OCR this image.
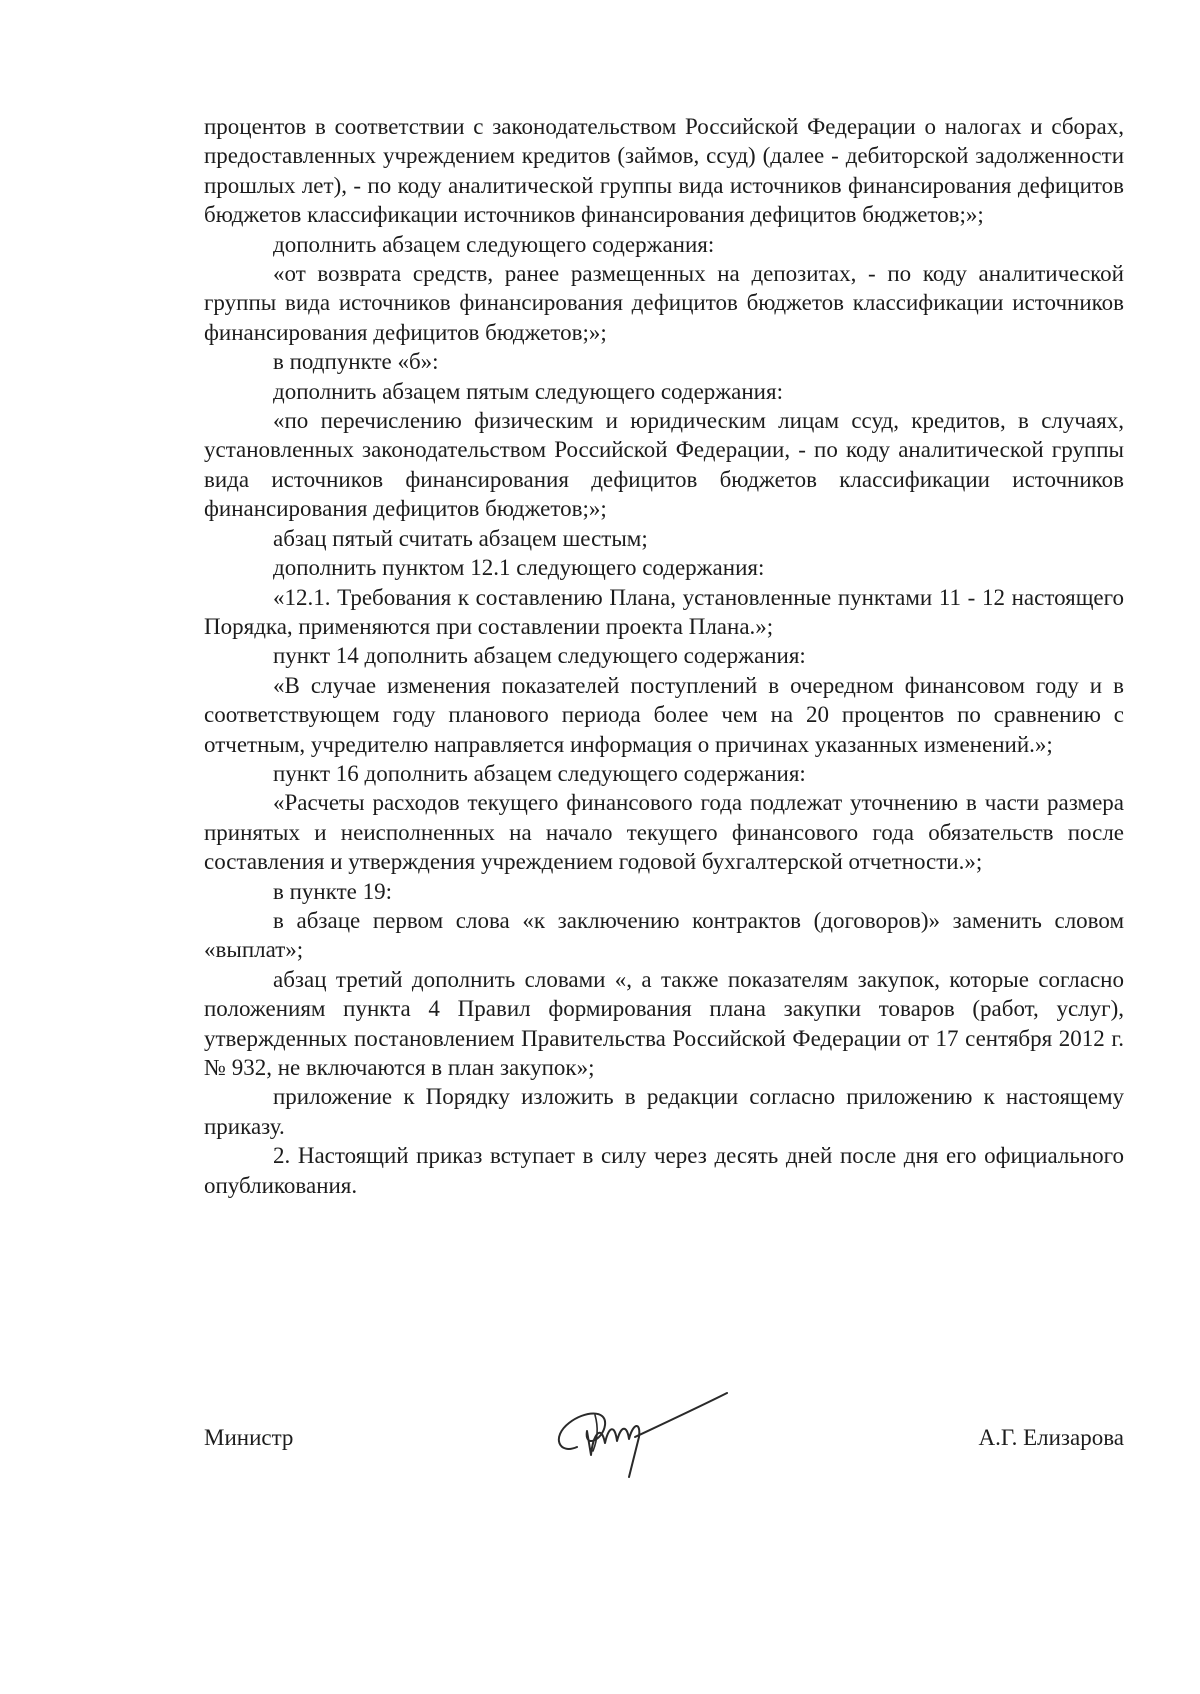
процентов в соответствии с законодательством Российской Федерации о налогах и сборах, предоставленных учреждением кредитов (займов, ссуд) (далее - дебиторской задолженности прошлых лет), - по коду аналитической группы вида источников финансирования дефицитов бюджетов классификации источников финансирования дефицитов бюджетов;»;

дополнить абзацем следующего содержания:

«от возврата средств, ранее размещенных на депозитах, - по коду аналитической группы вида источников финансирования дефицитов бюджетов классификации источников финансирования дефицитов бюджетов;»;

в подпункте «б»:

дополнить абзацем пятым следующего содержания:

«по перечислению физическим и юридическим лицам ссуд, кредитов, в случаях, установленных законодательством Российской Федерации, - по коду аналитической группы вида источников финансирования дефицитов бюджетов классификации источников финансирования дефицитов бюджетов;»;

абзац пятый считать абзацем шестым;

дополнить пунктом 12.1 следующего содержания:

«12.1. Требования к составлению Плана, установленные пунктами 11 - 12 настоящего Порядка, применяются при составлении проекта Плана.»;

пункт 14 дополнить абзацем следующего содержания:

«В случае изменения показателей поступлений в очередном финансовом году и в соответствующем году планового периода более чем на 20 процентов по сравнению с отчетным, учредителю направляется информация о причинах указанных изменений.»;

пункт 16 дополнить абзацем следующего содержания:

«Расчеты расходов текущего финансового года подлежат уточнению в части размера принятых и неисполненных на начало текущего финансового года обязательств после составления и утверждения учреждением годовой бухгалтерской отчетности.»;

в пункте 19:

в абзаце первом слова «к заключению контрактов (договоров)» заменить словом «выплат»;

абзац третий дополнить словами «, а также показателям закупок, которые согласно положениям пункта 4 Правил формирования плана закупки товаров (работ, услуг), утвержденных постановлением Правительства Российской Федерации от 17 сентября 2012 г. № 932, не включаются в план закупок»;

приложение к Порядку изложить в редакции согласно приложению к настоящему приказу.

2. Настоящий приказ вступает в силу через десять дней после дня его официального опубликования.

Министр	А.Г. Елизарова
